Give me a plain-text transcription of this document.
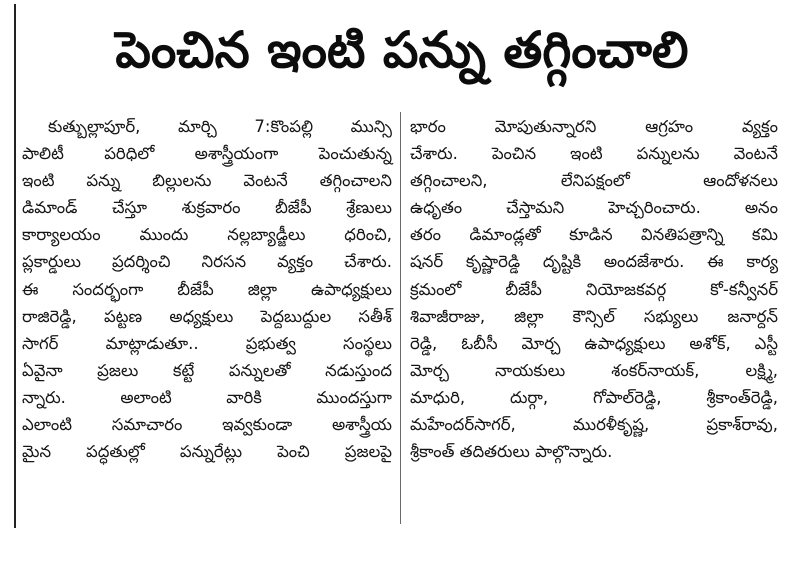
పెంచిన ఇంటి పన్ను తగ్గించాలి
కుత్బుల్లాపూర్, మార్చి 7:కొంపల్లి మున్సి
పాలిటీ పరిధిలో అశాస్త్రీయంగా పెంచుతున్న
ఇంటి పన్ను బిల్లులను వెంటనే తగ్గించాలని
డిమాండ్ చేస్తూ శుక్రవారం బీజేపీ శ్రేణులు
కార్యాలయం ముందు నల్లబ్యాడ్జీలు ధరించి,
ప్లకార్డులు ప్రదర్శించి నిరసన వ్యక్తం చేశారు.
ఈ సందర్భంగా బీజేపీ జిల్లా ఉపాధ్యక్షులు
రాజిరెడ్డి, పట్టణ అధ్యక్షులు పెద్దబుద్దుల సతీశ్
సాగర్ మాట్లాడుతూ.. ప్రభుత్వ సంస్థలు
ఏవైనా ప్రజలు కట్టే పన్నులతో నడుస్తుంద
న్నారు. అలాంటి వారికి ముందస్తుగా
ఎలాంటి సమాచారం ఇవ్వకుండా అశాస్త్రీయ
మైన పద్ధతుల్లో పన్నురేట్లు పెంచి ప్రజలపై
భారం మోపుతున్నారని ఆగ్రహం వ్యక్తం
చేశారు. పెంచిన ఇంటి పన్నులను వెంటనే
తగ్గించాలని, లేనిపక్షంలో ఆందోళనలు
ఉధృతం చేస్తామని హెచ్చరించారు. అనం
తరం డిమాండ్లతో కూడిన వినతిపత్రాన్ని కమి
షనర్ కృష్ణారెడ్డి దృష్టికి అందజేశారు. ఈ కార్య
క్రమంలో బీజేపీ నియోజకవర్గ కో-కన్వీనర్
శివాజీరాజు, జిల్లా కౌన్సిల్ సభ్యులు జనార్దన్
రెడ్డి, ఓబీసీ మోర్చ ఉపాధ్యక్షులు అశోక్, ఎస్టీ
మోర్చ నాయకులు శంకర్‌నాయక్, లక్ష్మి,
మాధురి, దుర్గా, గోపాల్‌రెడ్డి, శ్రీకాంత్‌రెడ్డి,
మహేందర్‌సాగర్, మురళీకృష్ణ, ప్రకాశ్‌రావు,
శ్రీకాంత్ తదితరులు పాల్గొన్నారు.
